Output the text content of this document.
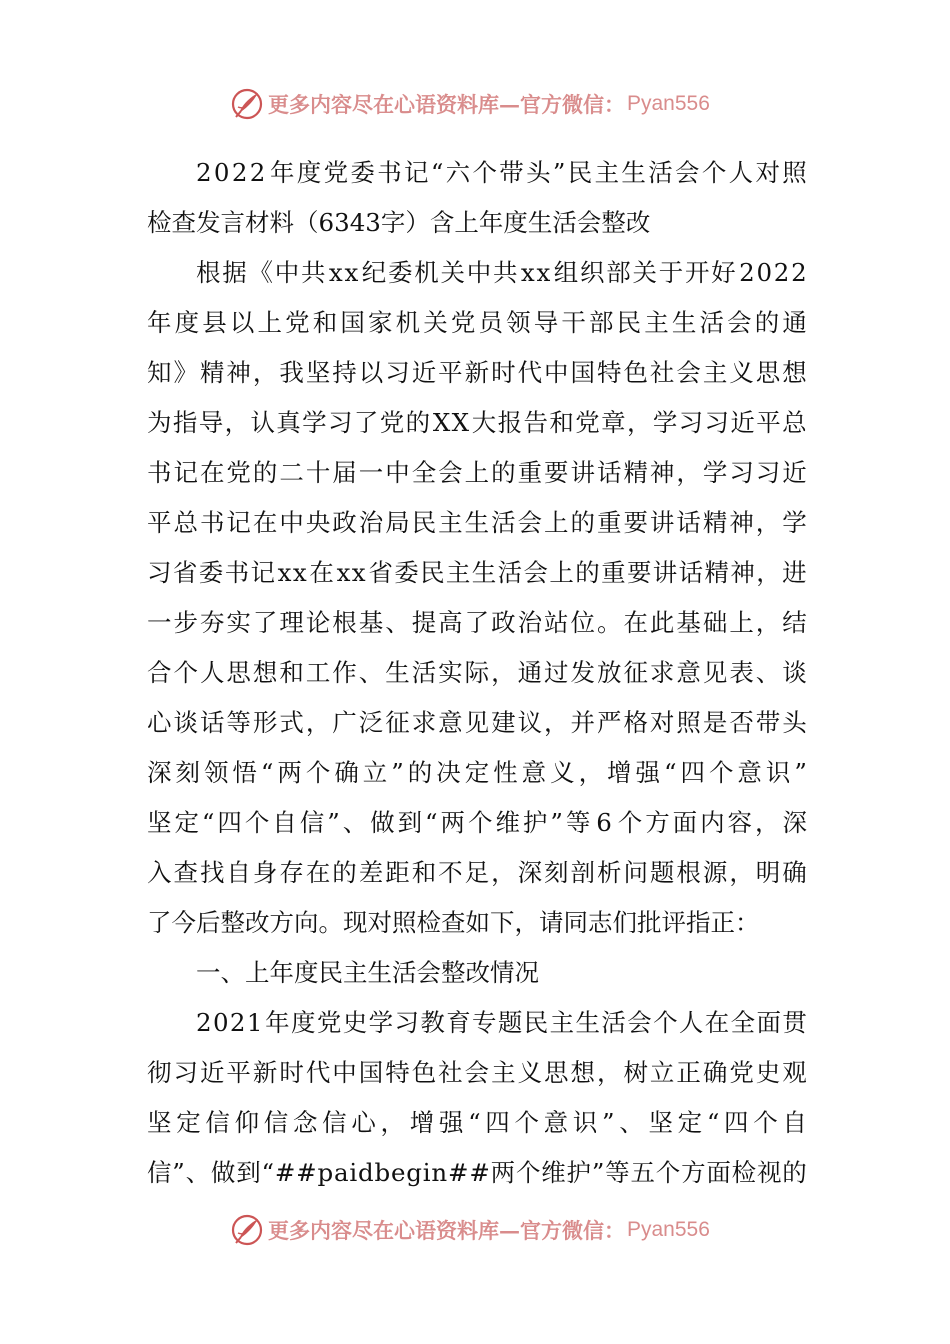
更多内容尽在心语资料库—官方微信： Pyan556
2 0 2 2 年 度 党 委 书 记 “ 六 个 带 头 ” 民 主 生 活 会 个 人 对 照
检 查 发 言 材 料 （ 6 3 4 3 字 ） 含 上 年 度 生 活 会 整 改
根 据 《 中 共 x x 纪 委 机 关 中 共 x x 组 织 部 关 于 开 好 2 0 2 2
年 度 县 以 上 党 和 国 家 机 关 党 员 领 导 干 部 民 主 生 活 会 的 通
知 》 精 神 ， 我 坚 持 以 习 近 平 新 时 代 中 国 特 色 社 会 主 义 思 想
为 指 导 ， 认 真 学 习 了 党 的 X X 大 报 告 和 党 章 ， 学 习 习 近 平 总
书 记 在 党 的 二 十 届 一 中 全 会 上 的 重 要 讲 话 精 神 ， 学 习 习 近
平 总 书 记 在 中 央 政 治 局 民 主 生 活 会 上 的 重 要 讲 话 精 神 ， 学
习 省 委 书 记 x x 在 x x 省 委 民 主 生 活 会 上 的 重 要 讲 话 精 神 ， 进
一 步 夯 实 了 理 论 根 基 、 提 高 了 政 治 站 位 。 在 此 基 础 上 ， 结
合 个 人 思 想 和 工 作 、 生 活 实 际 ， 通 过 发 放 征 求 意 见 表 、 谈
心 谈 话 等 形 式 ， 广 泛 征 求 意 见 建 议 ， 并 严 格 对 照 是 否 带 头
深 刻 领 悟 “ 两 个 确 立 ” 的 决 定 性 意 义 ， 增 强 “ 四 个 意 识 ”
坚 定 “ 四 个 自 信 ” 、 做 到 “ 两 个 维 护 ” 等 6 个 方 面 内 容 ， 深
入 查 找 自 身 存 在 的 差 距 和 不 足 ， 深 刻 剖 析 问 题 根 源 ， 明 确
了今后整改方向。现对照检查如下，请同志们批评指正：
一、上年度民主生活会整改情况
2 0 2 1 年 度 党 史 学 习 教 育 专 题 民 主 生 活 会 个 人 在 全 面 贯
彻 习 近 平 新 时 代 中 国 特 色 社 会 主 义 思 想 ， 树 立 正 确 党 史 观
坚 定 信 仰 信 念 信 心 ， 增 强 “ 四 个 意 识 ” 、 坚 定 “ 四 个 自
信 ” 、 做 到 “ # # p a i d b e g i n # # 两 个 维 护 ” 等 五 个 方 面 检 视 的
更多内容尽在心语资料库—官方微信： Pyan556
